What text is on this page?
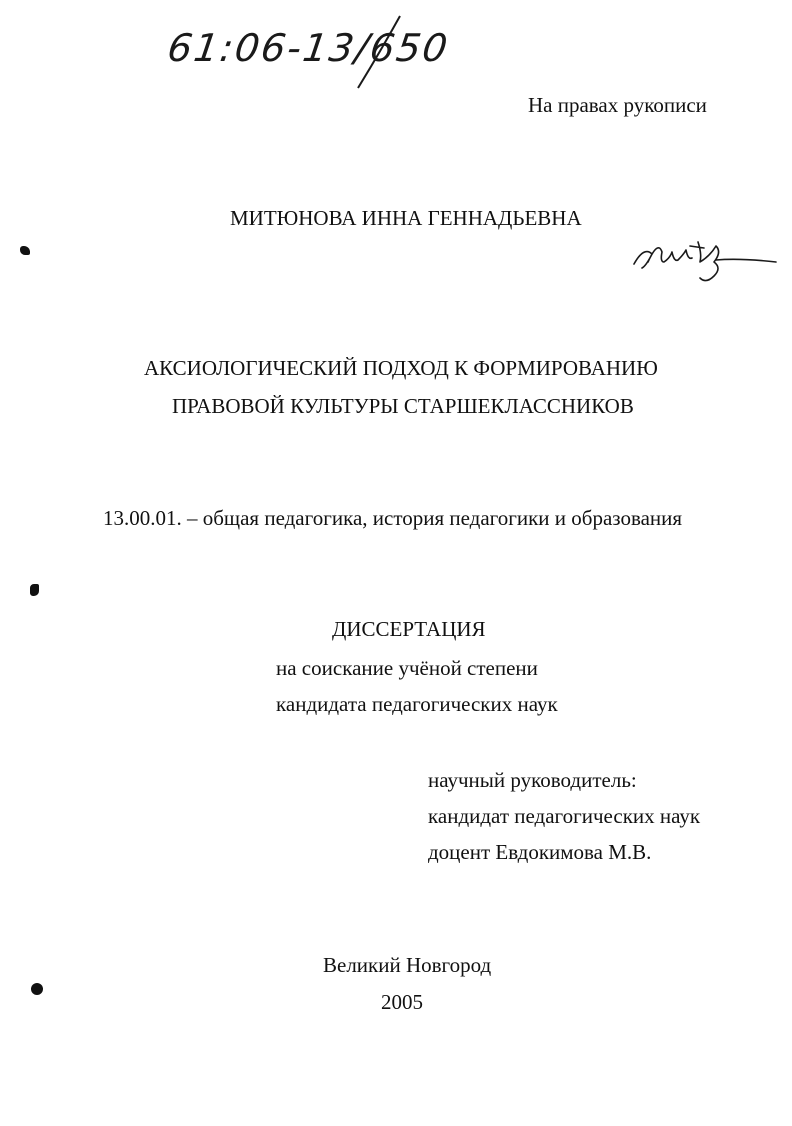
61:06-13/650
На правах рукописи
МИТЮНОВА ИННА ГЕННАДЬЕВНА
АКСИОЛОГИЧЕСКИЙ ПОДХОД К ФОРМИРОВАНИЮ
ПРАВОВОЙ КУЛЬТУРЫ СТАРШЕКЛАССНИКОВ
13.00.01. – общая педагогика, история педагогики и образования
ДИССЕРТАЦИЯ
на соискание учёной степени
кандидата педагогических наук
научный руководитель:
кандидат педагогических наук
доцент Евдокимова М.В.
Великий Новгород
2005
